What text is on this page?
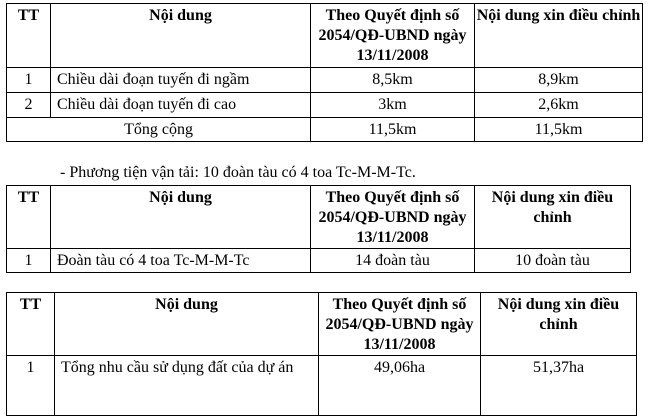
TT	Nội dung	Theo Quyết định số 2054/QĐ-UBND ngày 13/11/2008	Nội dung xin điều chỉnh
1	Chiều dài đoạn tuyến đi ngầm	8,5km	8,9km
2	Chiều dài đoạn tuyến đi cao	3km	2,6km
Tổng cộng		11,5km	11,5km
- Phương tiện vận tải: 10 đoàn tàu có 4 toa Tc-M-M-Tc.
TT	Nội dung	Theo Quyết định số 2054/QĐ-UBND ngày 13/11/2008	Nội dung xin điều chỉnh
1	Đoàn tàu có 4 toa Tc-M-M-Tc	14 đoàn tàu	10 đoàn tàu
TT	Nội dung	Theo Quyết định số 2054/QĐ-UBND ngày 13/11/2008	Nội dung xin điều chỉnh
1	Tổng nhu cầu sử dụng đất của dự án	49,06ha	51,37ha
